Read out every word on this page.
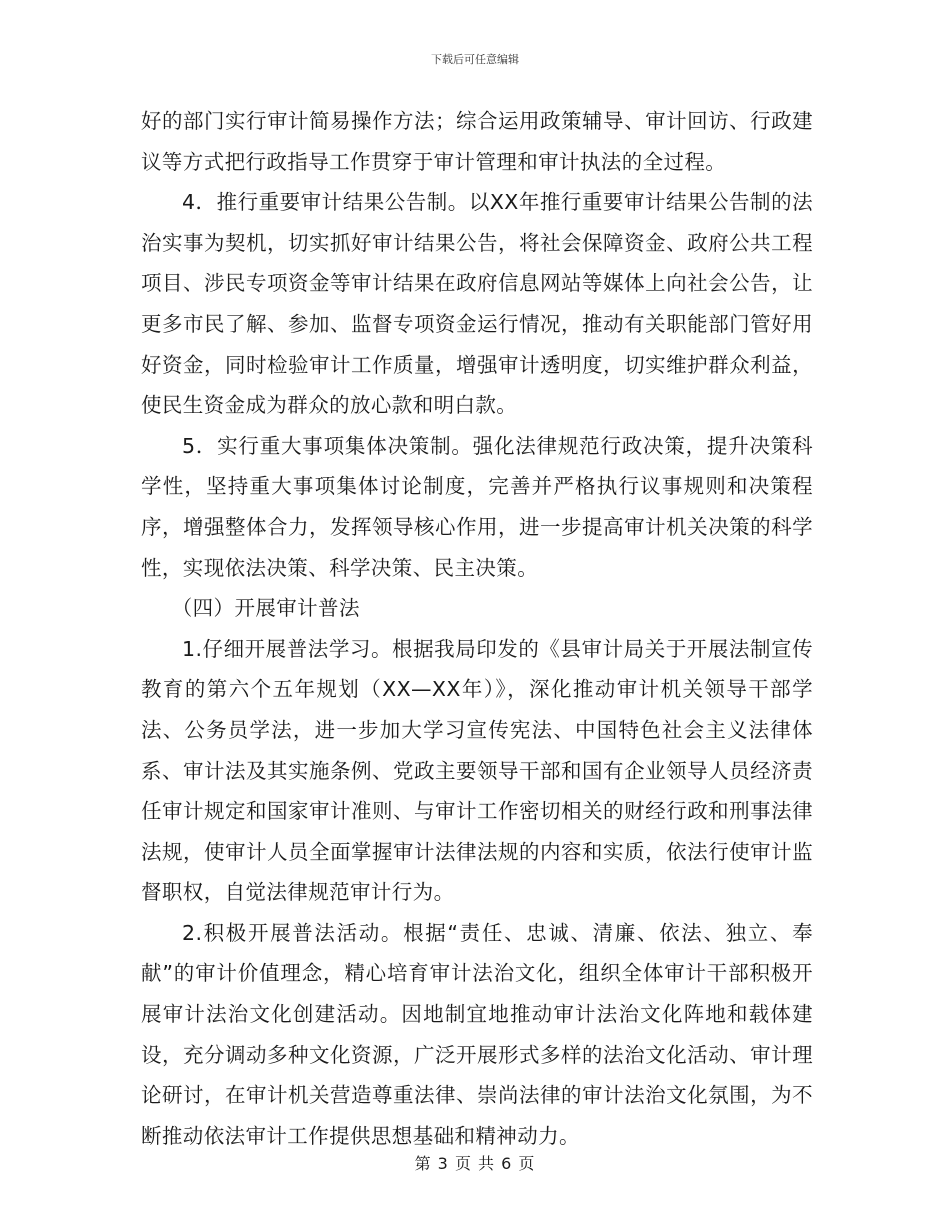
下载后可任意编辑

好的部门实行审计简易操作方法；综合运用政策辅导、审计回访、行政建议等方式把行政指导工作贯穿于审计管理和审计执法的全过程。

4．推行重要审计结果公告制。以XX年推行重要审计结果公告制的法治实事为契机，切实抓好审计结果公告，将社会保障资金、政府公共工程项目、涉民专项资金等审计结果在政府信息网站等媒体上向社会公告，让更多市民了解、参加、监督专项资金运行情况，推动有关职能部门管好用好资金，同时检验审计工作质量，增强审计透明度，切实维护群众利益，使民生资金成为群众的放心款和明白款。

5．实行重大事项集体决策制。强化法律规范行政决策，提升决策科学性，坚持重大事项集体讨论制度，完善并严格执行议事规则和决策程序，增强整体合力，发挥领导核心作用，进一步提高审计机关决策的科学性，实现依法决策、科学决策、民主决策。

（四）开展审计普法

1.仔细开展普法学习。根据我局印发的《县审计局关于开展法制宣传教育的第六个五年规划（XX—XX年）》，深化推动审计机关领导干部学法、公务员学法，进一步加大学习宣传宪法、中国特色社会主义法律体系、审计法及其实施条例、党政主要领导干部和国有企业领导人员经济责任审计规定和国家审计准则、与审计工作密切相关的财经行政和刑事法律法规，使审计人员全面掌握审计法律法规的内容和实质，依法行使审计监督职权，自觉法律规范审计行为。

2.积极开展普法活动。根据“责任、忠诚、清廉、依法、独立、奉献”的审计价值理念，精心培育审计法治文化，组织全体审计干部积极开展审计法治文化创建活动。因地制宜地推动审计法治文化阵地和载体建设，充分调动多种文化资源，广泛开展形式多样的法治文化活动、审计理论研讨，在审计机关营造尊重法律、崇尚法律的审计法治文化氛围，为不断推动依法审计工作提供思想基础和精神动力。

第 3 页 共 6 页
